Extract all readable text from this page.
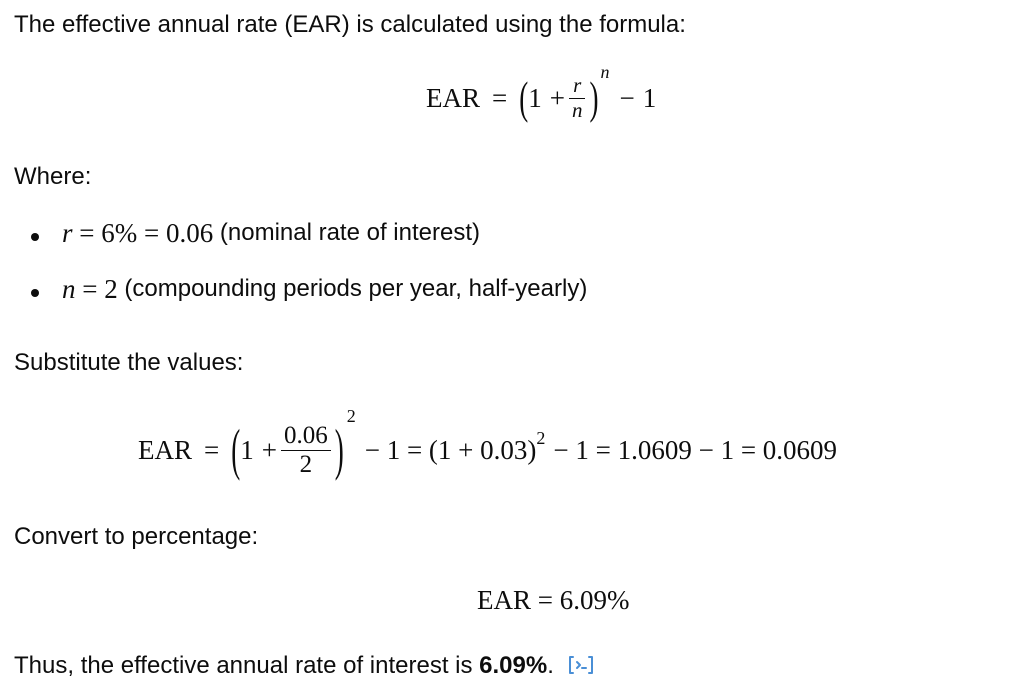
The effective annual rate (EAR) is calculated using the formula:
EAR = ( $1 + \frac{r}{n}$ )
n
− 1
Where:
r = 6% = 0.06 (nominal rate of interest)
n = 2 (compounding periods per year, half-yearly)
Substitute the values:
EAR = ( $1 + \frac{0.06}{2}$ )
2
− 1 = (1 + 0.03) 2 − 1 = 1.0609 − 1 = 0.0609
Convert to percentage:
EAR = 6.09%
Thus, the effective annual rate of interest is 6.09%.
